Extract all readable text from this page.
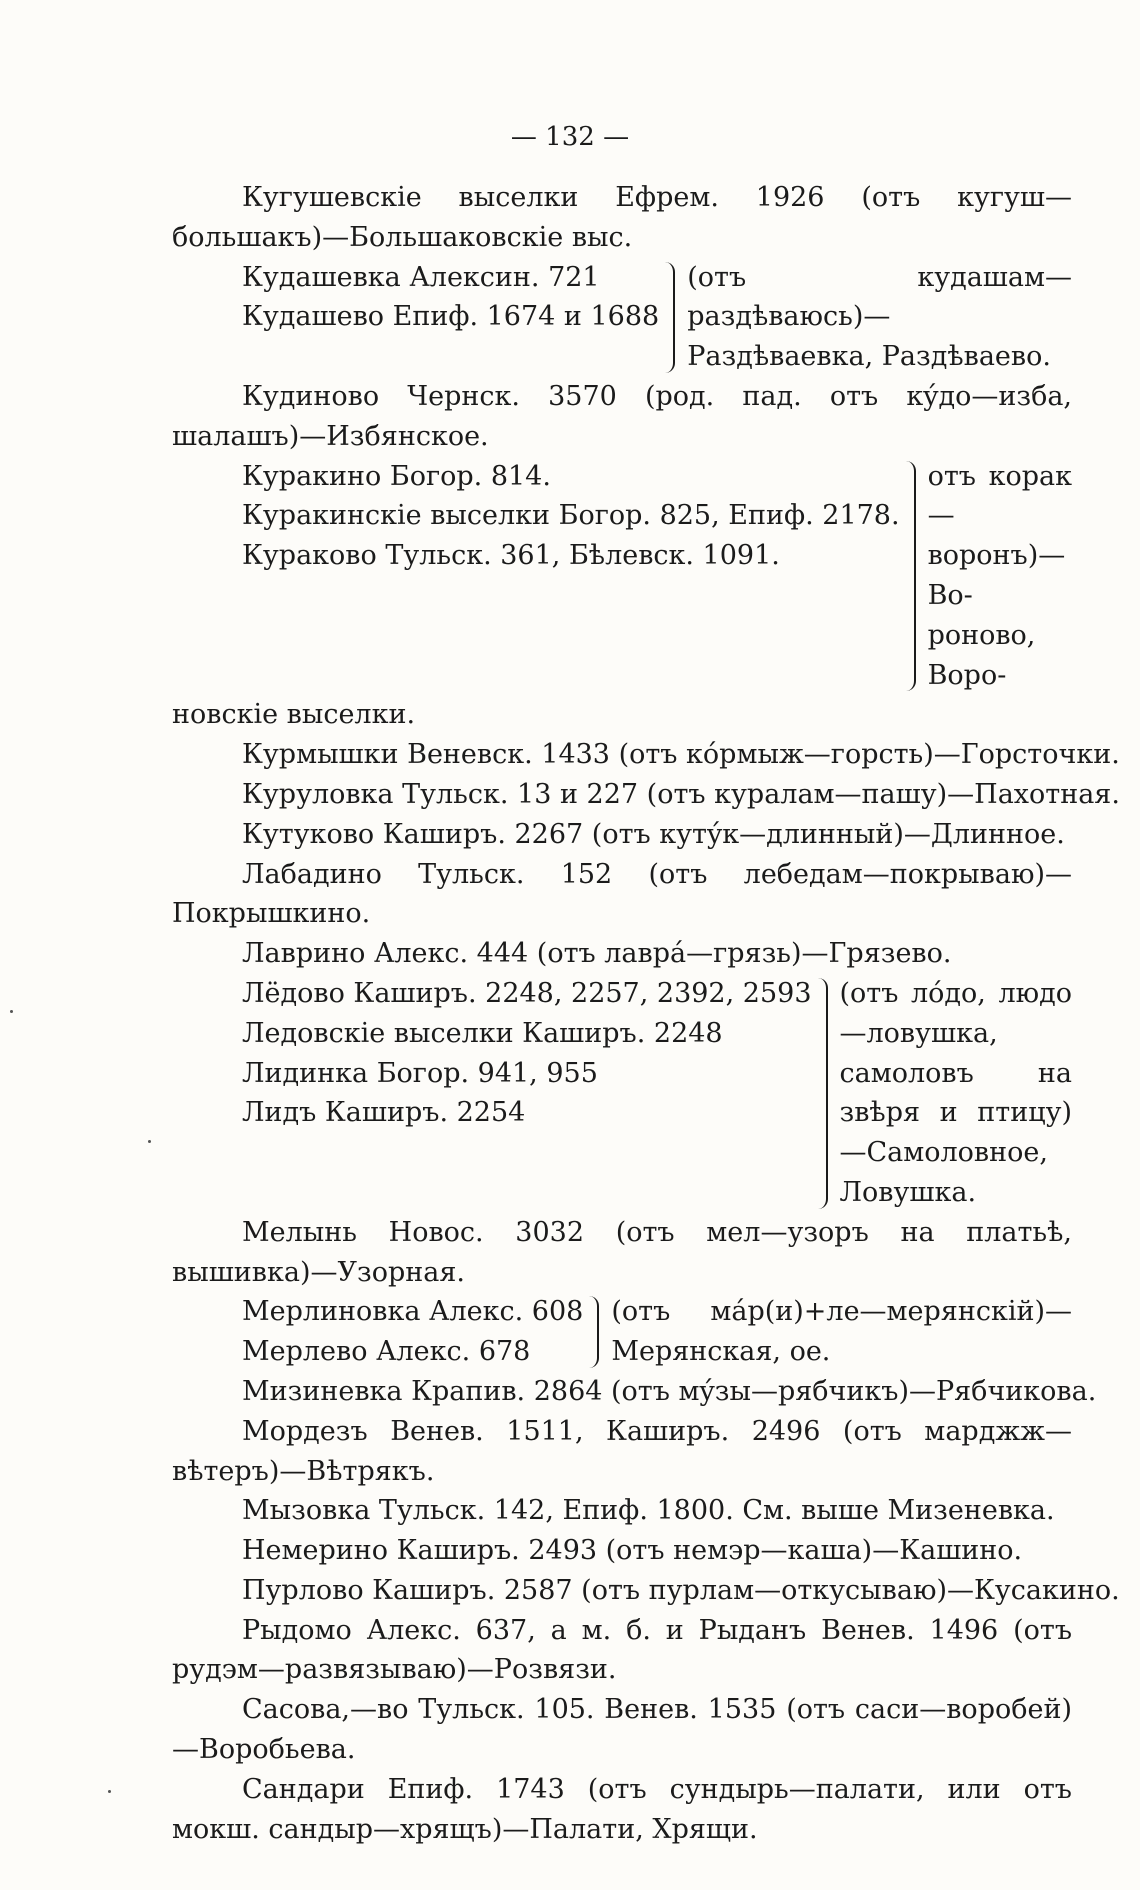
— 132 —
Кугушевскіе выселки Ефрем. 1926 (отъ кугуш—большакъ)—Большаковскіе выс.
Кудашевка Алексин. 721
Кудашево Епиф. 1674 и 1688
(отъ кудашам—раздѣваюсь)—Раздѣваевка, Раздѣваево.
Кудиново Чернск. 3570 (род. пад. отъ кýдо—изба, шалашъ)—Избянское.
Куракино Богор. 814.
Куракинскіе выселки Богор. 825, Епиф. 2178.
Кураково Тульск. 361, Бѣлевск. 1091.
отъ корак—
воронъ)—Во-
роново, Воро-
новскіе выселки.
Курмышки Веневск. 1433 (отъ кóрмыж—горсть)—Горсточки.
Куруловка Тульск. 13 и 227 (отъ куралам—пашу)—Пахотная.
Кутуково Каширъ. 2267 (отъ кутýк—длинный)—Длинное.
Лабадино Тульск. 152 (отъ лебедам—покрываю)—Покрышкино.
Лаврино Алекс. 444 (отъ лаврá—грязь)—Грязево.
Лёдово Каширъ. 2248, 2257, 2392, 2593
Ледовскіе выселки Каширъ. 2248
Лидинка Богор. 941, 955
Лидъ Каширъ. 2254
(отъ лóдо, людо—ловушка, самоловъ на звѣря и птицу)—Самоловное, Ловушка.
Мелынь Новос. 3032 (отъ мел—узоръ на платьѣ, вышивка)—Узорная.
Мерлиновка Алекс. 608
Мерлево Алекс. 678
(отъ мáр(и)+ле—мерянскій)—Мерянская, ое.
Мизиневка Крапив. 2864 (отъ мýзы—рябчикъ)—Рябчикова.
Мордезъ Венев. 1511, Каширъ. 2496 (отъ марджж—вѣтеръ)—Вѣтрякъ.
Мызовка Тульск. 142, Епиф. 1800. См. выше Мизеневка.
Немерино Каширъ. 2493 (отъ немэр—каша)—Кашино.
Пурлово Каширъ. 2587 (отъ пурлам—откусываю)—Кусакино.
Рыдомо Алекс. 637, а м. б. и Рыданъ Венев. 1496 (отъ рудэм—развязываю)—Розвязи.
Сасова,—во Тульск. 105. Венев. 1535 (отъ саси—воробей)—Воробьева.
Сандари Епиф. 1743 (отъ сундырь—палати, или отъ мокш. сандыр—хрящъ)—Палати, Хрящи.
